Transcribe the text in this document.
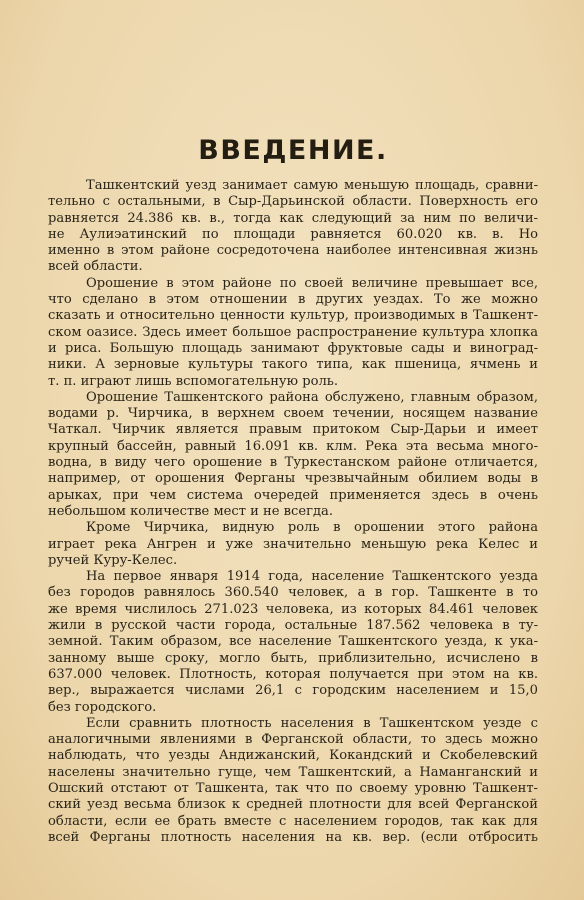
ВВЕДЕНИЕ.

Ташкентский уезд занимает самую меньшую площадь, сравни-
тельно с остальными, в Сыр-Дарьинской области. Поверхность его
равняется 24.386 кв. в., тогда как следующий за ним по величи-
не Аулиэатинский по площади равняется 60.020 кв. в. Но
именно в этом районе сосредоточена наиболее интенсивная жизнь
всей области.

Орошение в этом районе по своей величине превышает все,
что сделано в этом отношении в других уездах. То же можно
сказать и относительно ценности культур, производимых в Ташкент-
ском оазисе. Здесь имеет большое распространение культура хлопка
и риса. Большую площадь занимают фруктовые сады и виноград-
ники. А зерновые культуры такого типа, как пшеница, ячмень и
т. п. играют лишь вспомогательную роль.

Орошение Ташкентского района обслужено, главным образом,
водами р. Чирчика, в верхнем своем течении, носящем название
Чаткал. Чирчик является правым притоком Сыр-Дарьи и имеет
крупный бассейн, равный 16.091 кв. клм. Река эта весьма много-
водна, в виду чего орошение в Туркестанском районе отличается,
например, от орошения Ферганы чрезвычайным обилием воды в
арыках, при чем система очередей применяется здесь в очень
небольшом количестве мест и не всегда.

Кроме Чирчика, видную роль в орошении этого района
играет река Ангрен и уже значительно меньшую река Келес и
ручей Куру-Келес.

На первое января 1914 года, население Ташкентского уезда
без городов равнялось 360.540 человек, а в гор. Ташкенте в то
же время числилось 271.023 человека, из которых 84.461 человек
жили в русской части города, остальные 187.562 человека в ту-
земной. Таким образом, все население Ташкентского уезда, к ука-
занному выше сроку, могло быть, приблизительно, исчислено в
637.000 человек. Плотность, которая получается при этом на кв.
вер., выражается числами 26,1 с городским населением и 15,0
без городского.

Если сравнить плотность населения в Ташкентском уезде с
аналогичными явлениями в Ферганской области, то здесь можно
наблюдать, что уезды Андижанский, Кокандский и Скобелевский
населены значительно гуще, чем Ташкентский, а Наманганский и
Ошский отстают от Ташкента, так что по своему уровню Ташкент-
ский уезд весьма близок к средней плотности для всей Ферганской
области, если ее брать вместе с населением городов, так как для
всей Ферганы плотность населения на кв. вер. (если отбросить
